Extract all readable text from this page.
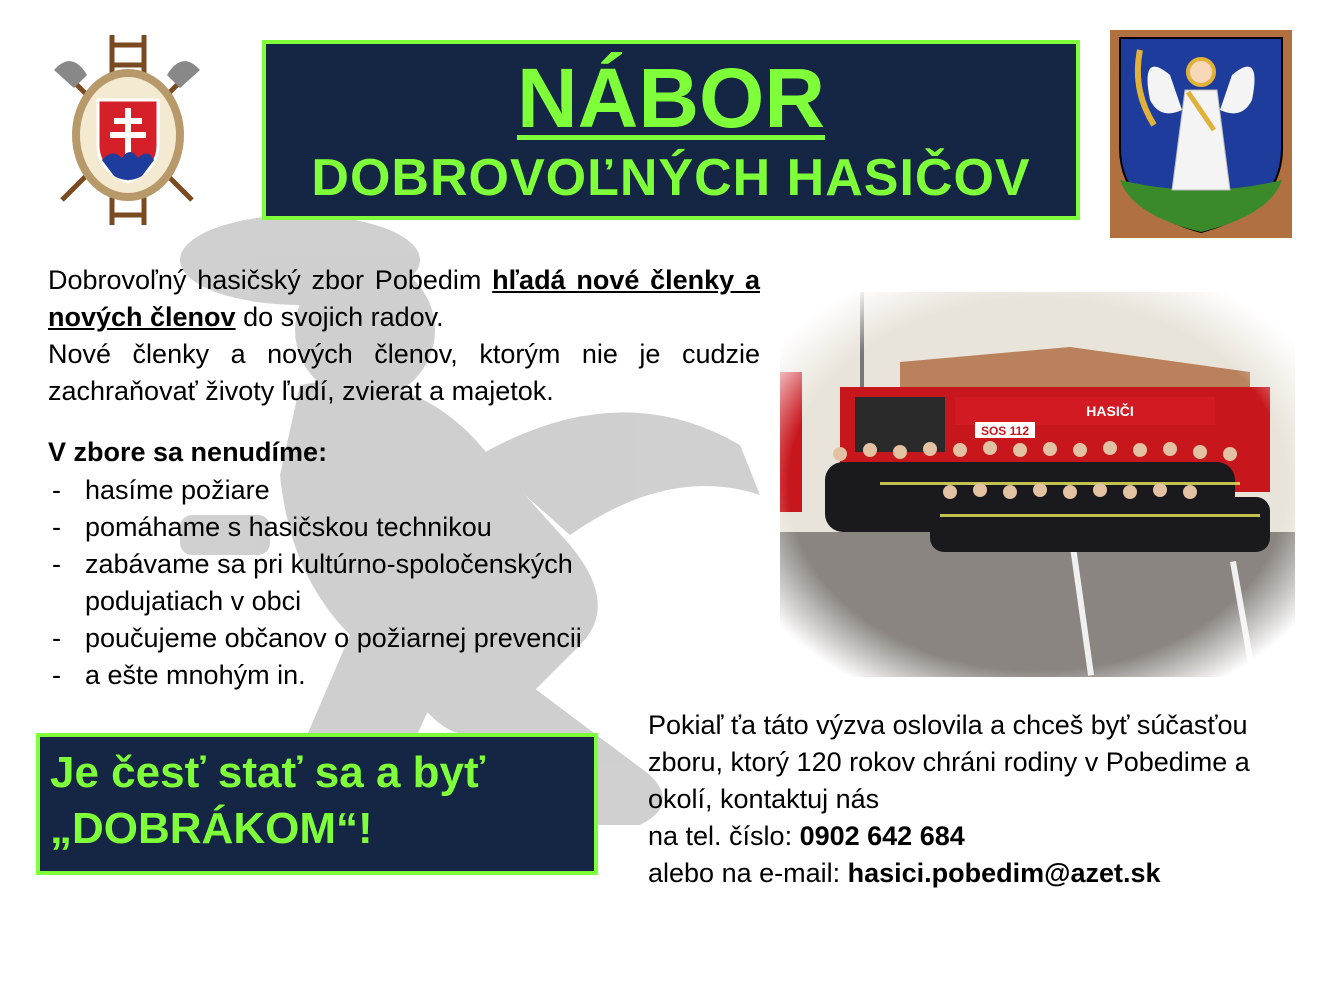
NÁBOR
DOBROVOĽNÝCH HASIČOV
Dobrovoľný hasičský zbor Pobedim hľadá nové členky a nových členov do svojich radov.
Nové členky a nových členov, ktorým nie je cudzie zachraňovať životy ľudí, zvierat a majetok.
V zbore sa nenudíme:
- hasíme požiare
- pomáhame s hasičskou technikou
- zabávame sa pri kultúrno-spoločenských podujatiach v obci
- poučujeme občanov o požiarnej prevencii
- a ešte mnohým in.
Je česť stať sa a byť
„DOBRÁKOM“!
Pokiaľ ťa táto výzva oslovila a chceš byť súčasťou zboru, ktorý 120 rokov chráni rodiny v Pobedime a okolí, kontaktuj nás
na tel. číslo: 0902 642 684
alebo na e-mail: hasici.pobedim@azet.sk
